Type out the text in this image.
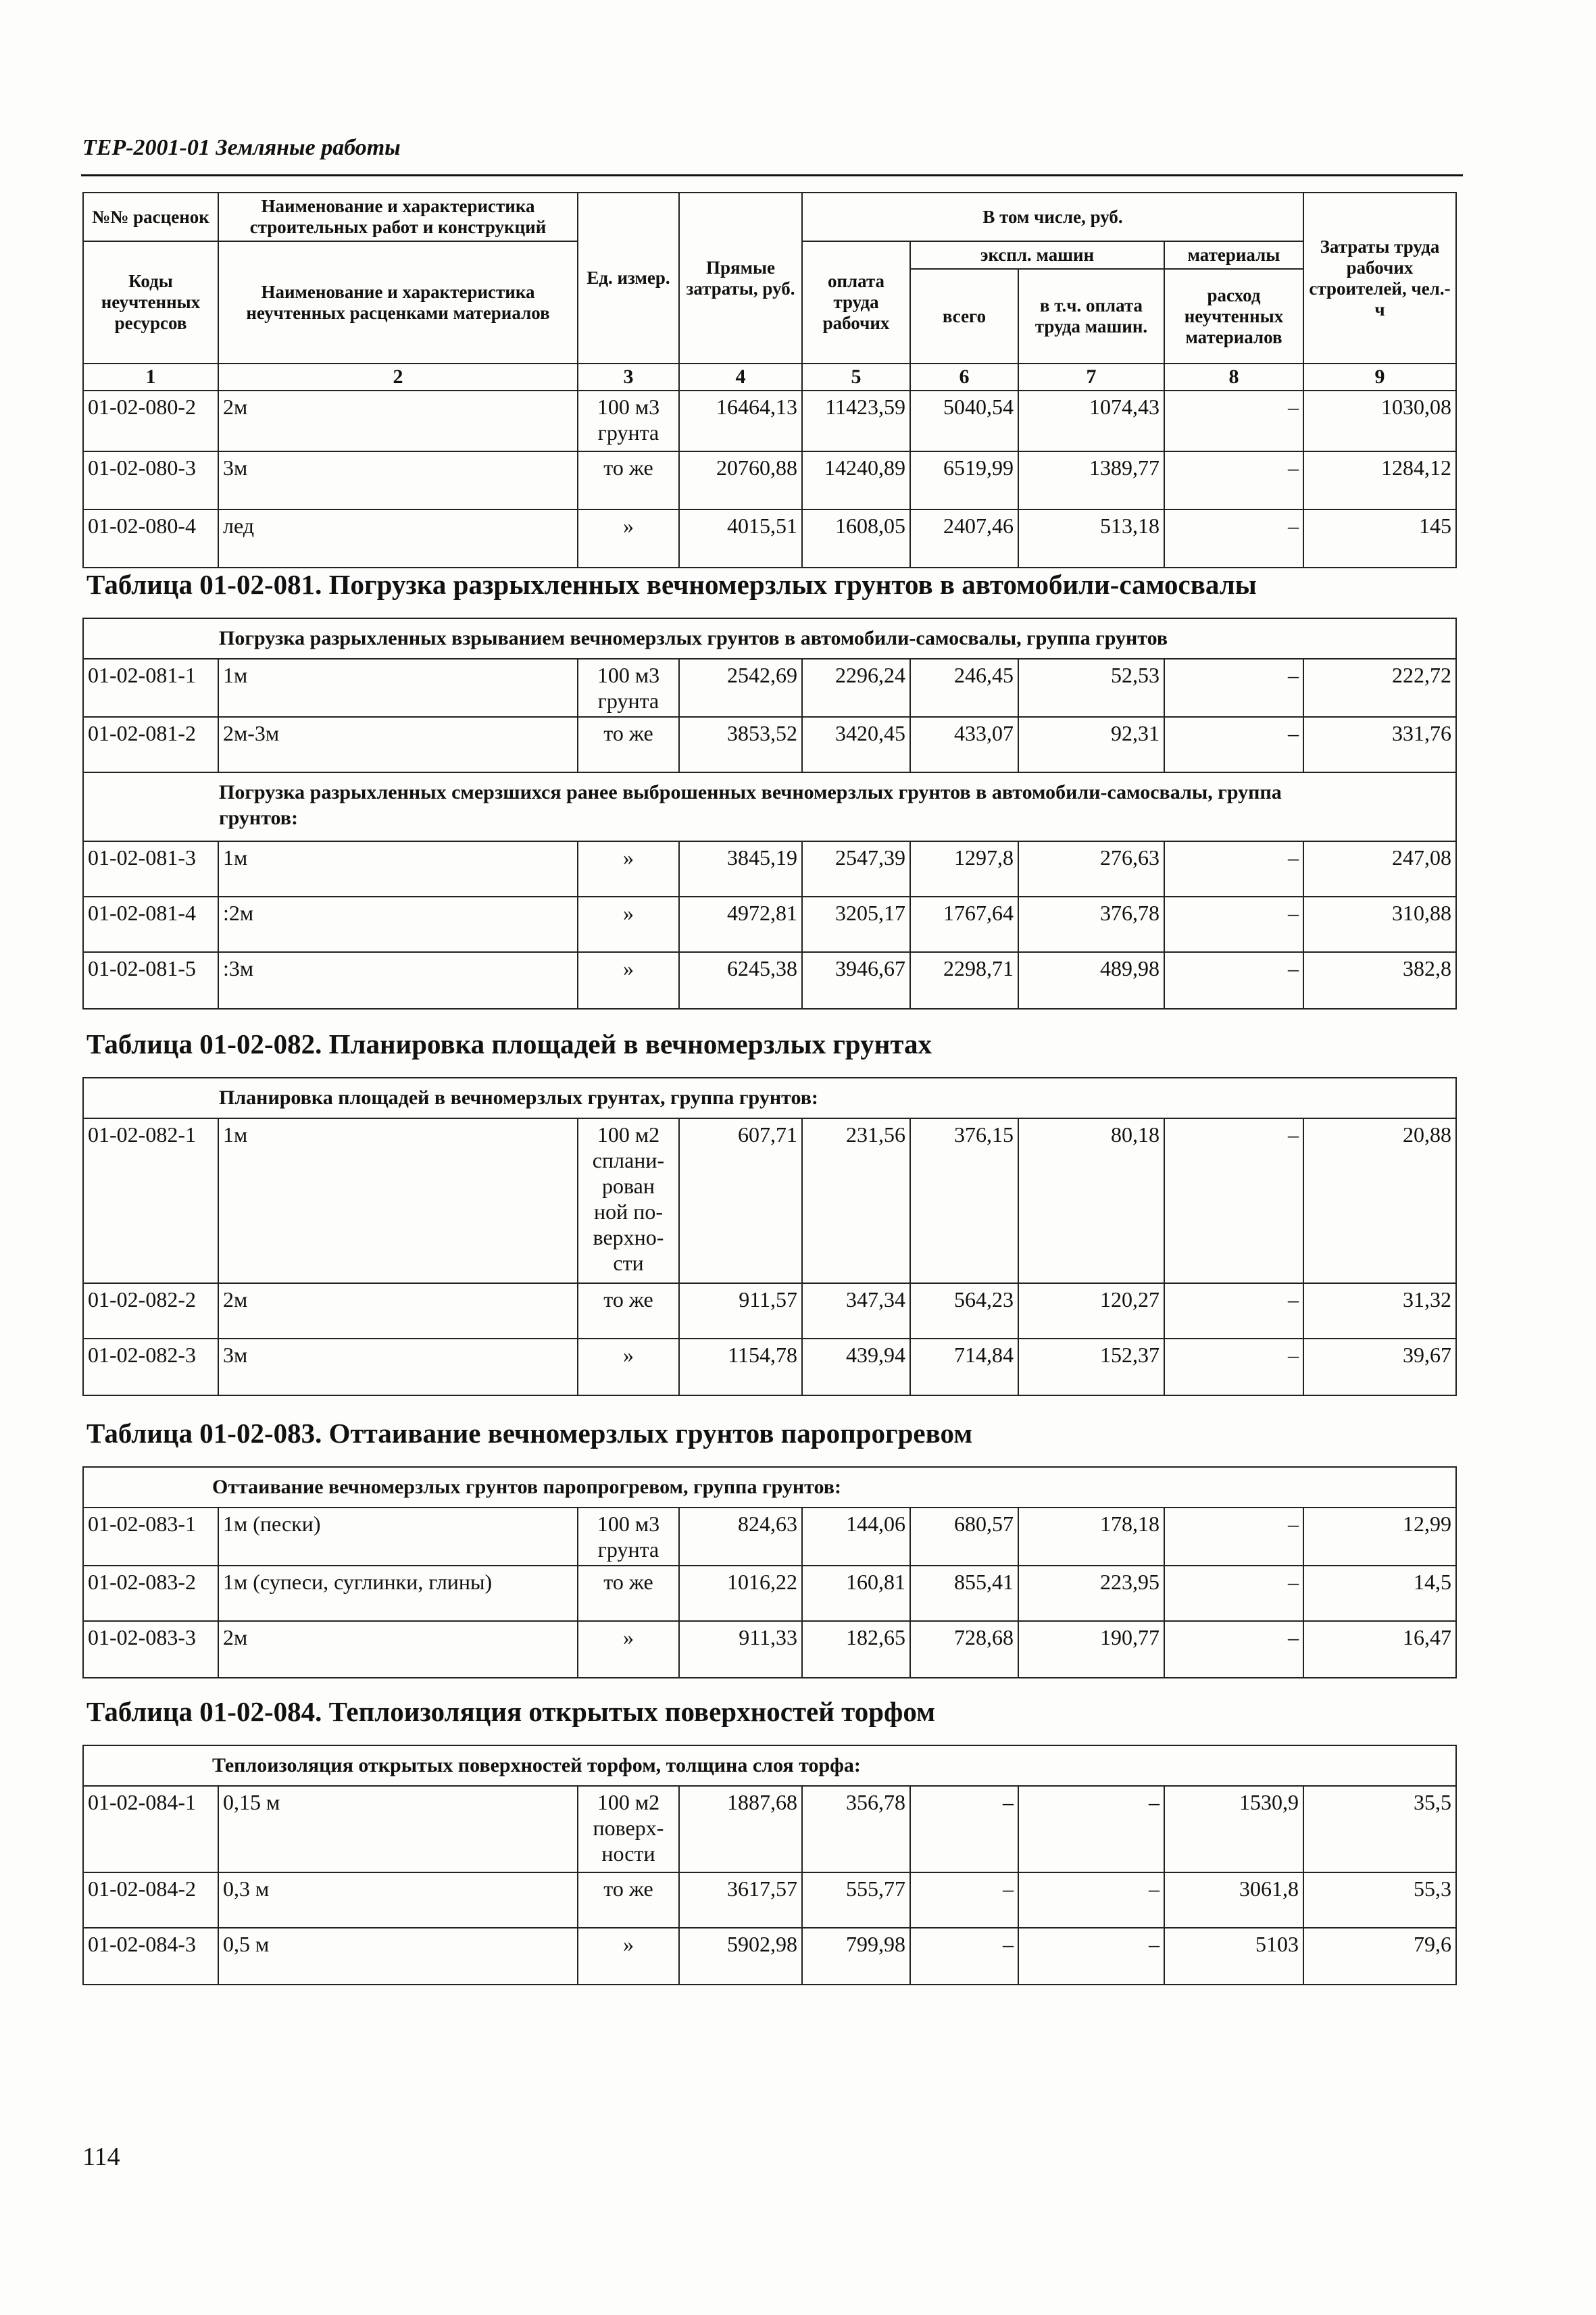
ТЕР-2001-01 Земляные работы
№№ расценок	Наименование и характеристика строительных работ и конструкций	Ед. измер.	Прямые затраты, руб.	В том числе, руб.				Затраты труда рабочих строителей, чел.-ч
Коды неучтенных ресурсов	Наименование и характеристика неучтенных расценками материалов			оплата труда рабочих	экспл. машин		материалы	
					всего	в т.ч. оплата труда машин.	расход неучтенных материалов	
1	2	3	4	5	6	7	8	9
01-02-080-2	2м	100 м3 грунта	16464,13	11423,59	5040,54	1074,43	–	1030,08
01-02-080-3	3м	то же	20760,88	14240,89	6519,99	1389,77	–	1284,12
01-02-080-4	лед	»	4015,51	1608,05	2407,46	513,18	–	145
Таблица 01-02-081. Погрузка разрыхленных вечномерзлых грунтов в автомобили-самосвалы
Погрузка разрыхленных взрыванием вечномерзлых грунтов в автомобили-самосвалы, группа грунтов								
01-02-081-1	1м	100 м3 грунта	2542,69	2296,24	246,45	52,53	–	222,72
01-02-081-2	2м-3м	то же	3853,52	3420,45	433,07	92,31	–	331,76
Погрузка разрыхленных смерзшихся ранее выброшенных вечномерзлых грунтов в автомобили-самосвалы, группа грунтов:								
01-02-081-3	1м	»	3845,19	2547,39	1297,8	276,63	–	247,08
01-02-081-4	:2м	»	4972,81	3205,17	1767,64	376,78	–	310,88
01-02-081-5	:3м	»	6245,38	3946,67	2298,71	489,98	–	382,8
Таблица 01-02-082. Планировка площадей в вечномерзлых грунтах
Планировка площадей в вечномерзлых грунтах, группа грунтов:								
01-02-082-1	1м	100 м2 сплани-рован ной по-верхно-сти	607,71	231,56	376,15	80,18	–	20,88
01-02-082-2	2м	то же	911,57	347,34	564,23	120,27	–	31,32
01-02-082-3	3м	»	1154,78	439,94	714,84	152,37	–	39,67
Таблица 01-02-083. Оттаивание вечномерзлых грунтов паропрогревом
Оттаивание вечномерзлых грунтов паропрогревом, группа грунтов:								
01-02-083-1	1м (пески)	100 м3 грунта	824,63	144,06	680,57	178,18	–	12,99
01-02-083-2	1м (супеси, суглинки, глины)	то же	1016,22	160,81	855,41	223,95	–	14,5
01-02-083-3	2м	»	911,33	182,65	728,68	190,77	–	16,47
Таблица 01-02-084. Теплоизоляция открытых поверхностей торфом
Теплоизоляция открытых поверхностей торфом, толщина слоя торфа:								
01-02-084-1	0,15 м	100 м2 поверх-ности	1887,68	356,78	–	–	1530,9	35,5
01-02-084-2	0,3 м	то же	3617,57	555,77	–	–	3061,8	55,3
01-02-084-3	0,5 м	»	5902,98	799,98	–	–	5103	79,6
114
